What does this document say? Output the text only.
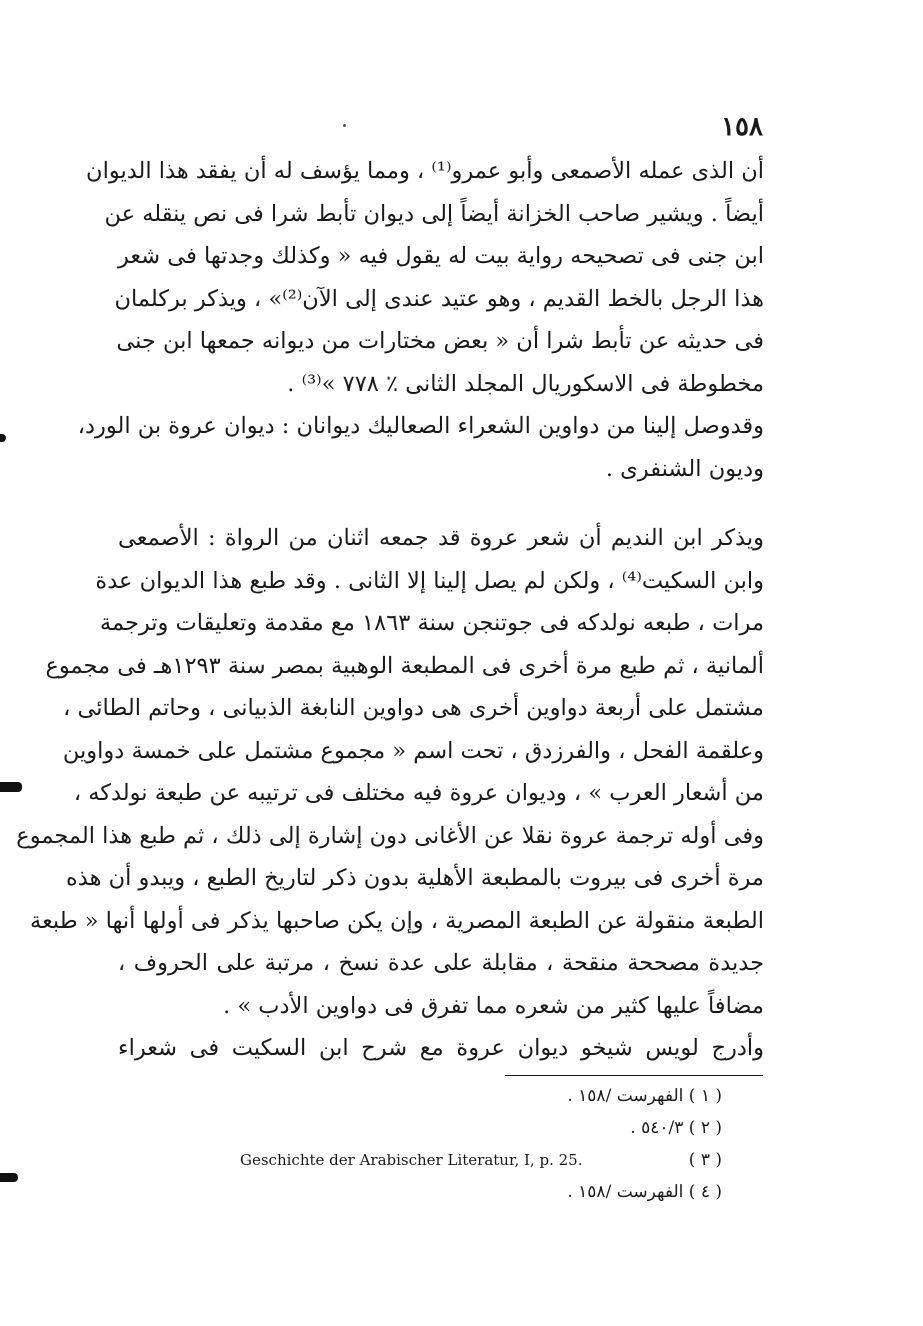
١٥٨
أن الذى عمله الأصمعى وأبو عمرو⁽¹⁾ ، ومما يؤسف له أن يفقد هذا الديوان
أيضاً . ويشير صاحب الخزانة أيضاً إلى ديوان تأبط شرا فى نص ينقله عن
ابن جنى فى تصحيحه رواية بيت له يقول فيه « وكذلك وجدتها فى شعر
هذا الرجل بالخط القديم ، وهو عتيد عندى إلى الآن⁽²⁾» ، ويذكر بركلمان
فى حديثه عن تأبط شرا أن « بعض مختارات من ديوانه جمعها ابن جنى
مخطوطة فى الاسكوريال المجلد الثانى ٪ ٧٧٨ »⁽³⁾ .
وقدوصل إلينا من دواوين الشعراء الصعاليك ديوانان : ديوان عروة بن الورد،
وديون الشنفرى .
ويذكر ابن النديم أن شعر عروة قد جمعه اثنان من الرواة : الأصمعى
وابن السكيت⁽⁴⁾ ، ولكن لم يصل إلينا إلا الثانى . وقد طبع هذا الديوان عدة
مرات ، طبعه نولدكه فى جوتنجن سنة ١٨٦٣ مع مقدمة وتعليقات وترجمة
ألمانية ، ثم طبع مرة أخرى فى المطبعة الوهبية بمصر سنة ١٢٩٣هـ فى مجموع
مشتمل على أربعة دواوين أخرى هى دواوين النابغة الذبيانى ، وحاتم الطائى ،
وعلقمة الفحل ، والفرزدق ، تحت اسم « مجموع مشتمل على خمسة دواوين
من أشعار العرب » ، وديوان عروة فيه مختلف فى ترتيبه عن طبعة نولدكه ،
وفى أوله ترجمة عروة نقلا عن الأغانى دون إشارة إلى ذلك ، ثم طبع هذا المجموع
مرة أخرى فى بيروت بالمطبعة الأهلية بدون ذكر لتاريخ الطبع ، ويبدو أن هذه
الطبعة منقولة عن الطبعة المصرية ، وإن يكن صاحبها يذكر فى أولها أنها « طبعة
جديدة مصححة منقحة ، مقابلة على عدة نسخ ، مرتبة على الحروف ،
مضافاً عليها كثير من شعره مما تفرق فى دواوين الأدب » .
وأدرج لويس شيخو ديوان عروة مع شرح ابن السكيت فى شعراء
( ١ ) الفهرست /١٥٨ .
( ٢ ) ٥٤٠/٣ .
( ٣ )
Geschichte der Arabischer Literatur, I, p. 25.
( ٤ ) الفهرست /١٥٨ .
